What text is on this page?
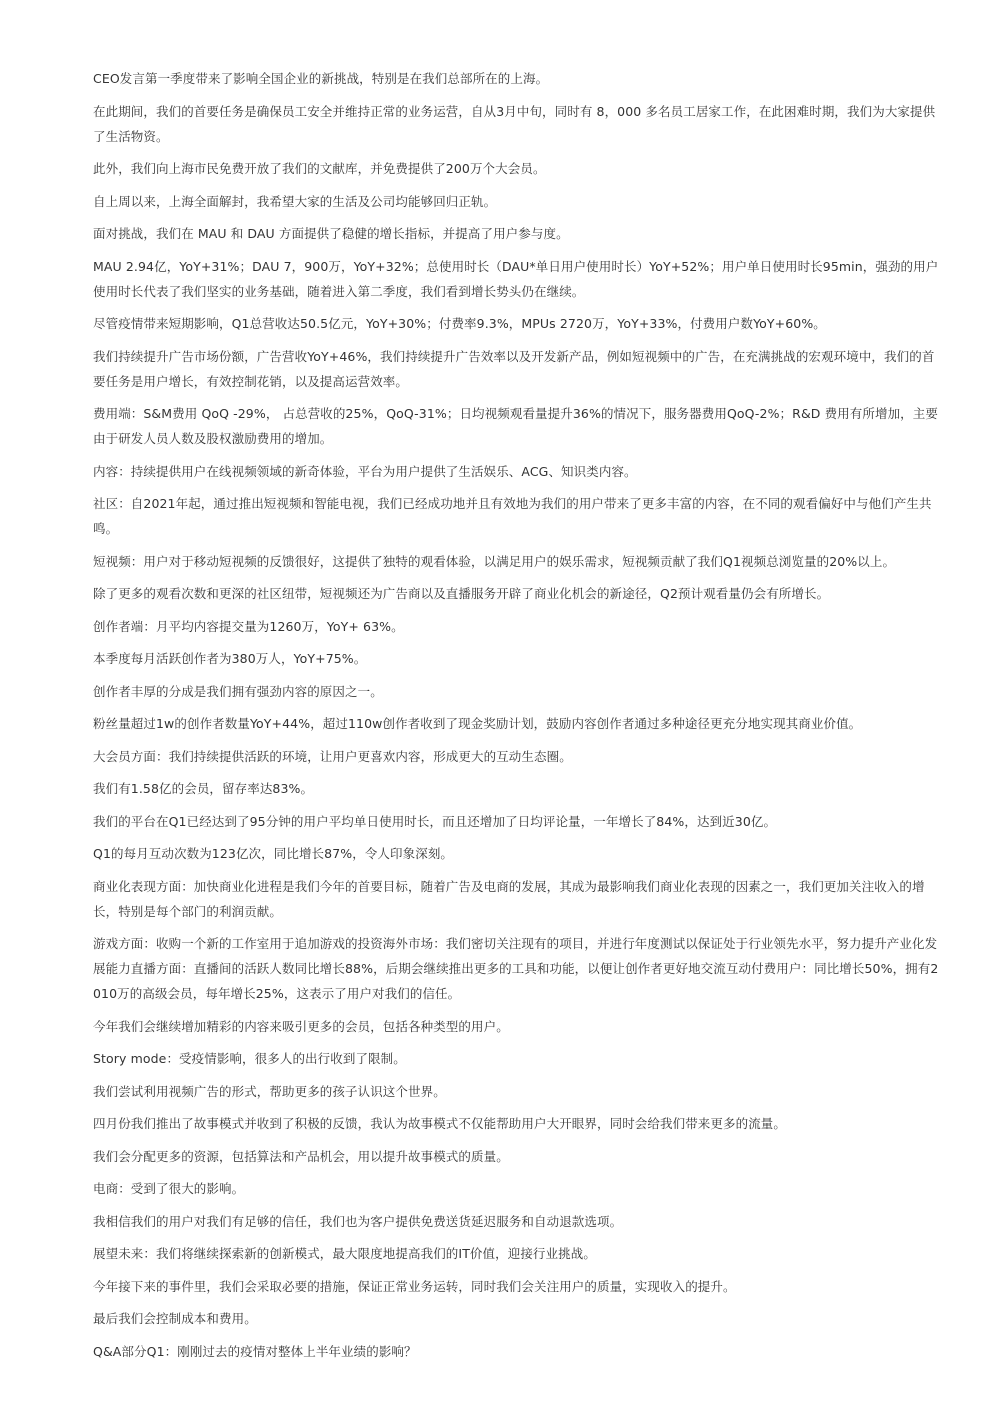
CEO发言第一季度带来了影响全国企业的新挑战，特别是在我们总部所在的上海。

在此期间，我们的首要任务是确保员工安全并维持正常的业务运营，自从3月中旬，同时有 8，000 多名员工居家工作，在此困难时期，我们为大家提供了生活物资。

此外，我们向上海市民免费开放了我们的文献库，并免费提供了200万个大会员。

自上周以来，上海全面解封，我希望大家的生活及公司均能够回归正轨。

面对挑战，我们在 MAU 和 DAU 方面提供了稳健的增长指标，并提高了用户参与度。

MAU 2.94亿，YoY+31%；DAU 7，900万，YoY+32%；总使用时长（DAU*单日用户使用时长）YoY+52%；用户单日使用时长95min，强劲的用户使用时长代表了我们坚实的业务基础，随着进入第二季度，我们看到增长势头仍在继续。

尽管疫情带来短期影响，Q1总营收达50.5亿元，YoY+30%；付费率9.3%，MPUs 2720万，YoY+33%，付费用户数YoY+60%。

我们持续提升广告市场份额，广告营收YoY+46%，我们持续提升广告效率以及开发新产品，例如短视频中的广告，在充满挑战的宏观环境中，我们的首要任务是用户增长，有效控制花销，以及提高运营效率。

费用端：S&M费用 QoQ -29%， 占总营收的25%，QoQ-31%；日均视频观看量提升36%的情况下，服务器费用QoQ-2%；R&D 费用有所增加，主要由于研发人员人数及股权激励费用的增加。

内容：持续提供用户在线视频领域的新奇体验，平台为用户提供了生活娱乐、ACG、知识类内容。

社区：自2021年起，通过推出短视频和智能电视，我们已经成功地并且有效地为我们的用户带来了更多丰富的内容，在不同的观看偏好中与他们产生共鸣。

短视频：用户对于移动短视频的反馈很好，这提供了独特的观看体验，以满足用户的娱乐需求，短视频贡献了我们Q1视频总浏览量的20%以上。

除了更多的观看次数和更深的社区纽带，短视频还为广告商以及直播服务开辟了商业化机会的新途径，Q2预计观看量仍会有所增长。

创作者端：月平均内容提交量为1260万，YoY+ 63%。

本季度每月活跃创作者为380万人，YoY+75%。

创作者丰厚的分成是我们拥有强劲内容的原因之一。

粉丝量超过1w的创作者数量YoY+44%，超过110w创作者收到了现金奖励计划，鼓励内容创作者通过多种途径更充分地实现其商业价值。

大会员方面：我们持续提供活跃的环境，让用户更喜欢内容，形成更大的互动生态圈。

我们有1.58亿的会员，留存率达83%。

我们的平台在Q1已经达到了95分钟的用户平均单日使用时长，而且还增加了日均评论量，一年增长了84%，达到近30亿。

Q1的每月互动次数为123亿次，同比增长87%，令人印象深刻。

商业化表现方面：加快商业化进程是我们今年的首要目标，随着广告及电商的发展，其成为最影响我们商业化表现的因素之一，我们更加关注收入的增长，特别是每个部门的利润贡献。

游戏方面：收购一个新的工作室用于追加游戏的投资海外市场：我们密切关注现有的项目，并进行年度测试以保证处于行业领先水平，努力提升产业化发展能力直播方面：直播间的活跃人数同比增长88%，后期会继续推出更多的工具和功能，以便让创作者更好地交流互动付费用户：同比增长50%，拥有2010万的高级会员，每年增长25%，这表示了用户对我们的信任。

今年我们会继续增加精彩的内容来吸引更多的会员，包括各种类型的用户。

Story mode：受疫情影响，很多人的出行收到了限制。

我们尝试利用视频广告的形式，帮助更多的孩子认识这个世界。

四月份我们推出了故事模式并收到了积极的反馈，我认为故事模式不仅能帮助用户大开眼界，同时会给我们带来更多的流量。

我们会分配更多的资源，包括算法和产品机会，用以提升故事模式的质量。

电商：受到了很大的影响。

我相信我们的用户对我们有足够的信任，我们也为客户提供免费送货延迟服务和自动退款选项。

展望未来：我们将继续探索新的创新模式，最大限度地提高我们的IT价值，迎接行业挑战。

今年接下来的事件里，我们会采取必要的措施，保证正常业务运转，同时我们会关注用户的质量，实现收入的提升。

最后我们会控制成本和费用。

Q&A部分Q1：刚刚过去的疫情对整体上半年业绩的影响？
